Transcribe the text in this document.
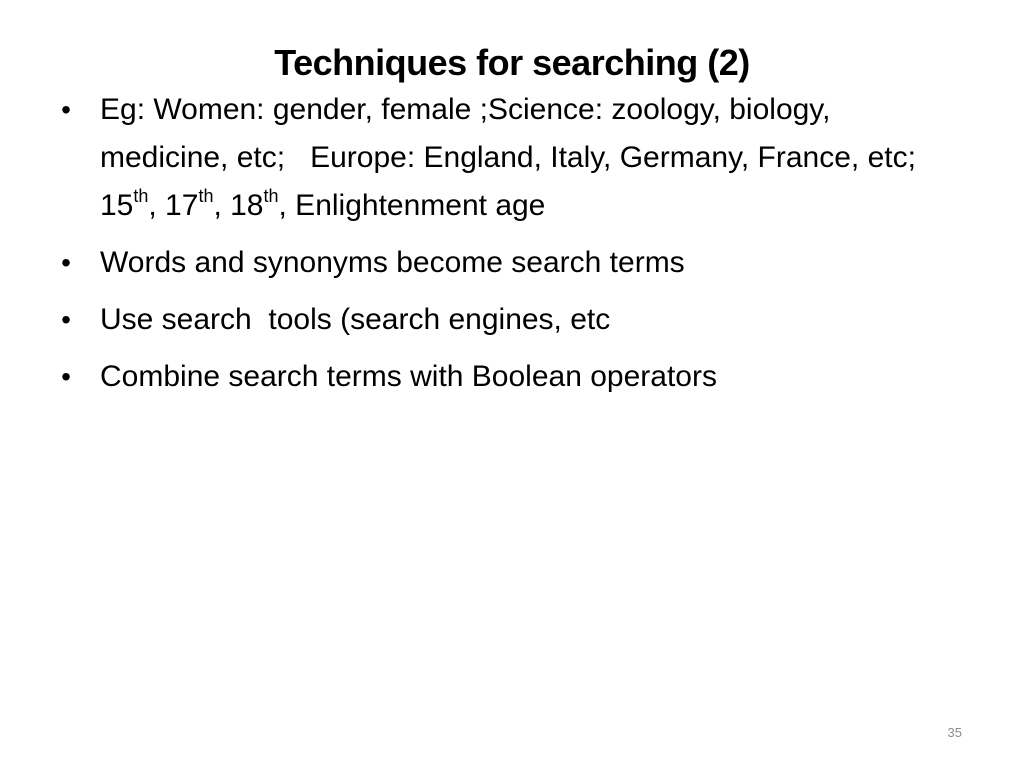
Techniques for searching (2)
• Eg: Women: gender, female ;Science: zoology, biology, medicine, etc;   Europe: England, Italy, Germany, France, etc; 15th, 17th, 18th, Enlightenment age
• Words and synonyms become search terms
• Use search  tools (search engines, etc
• Combine search terms with Boolean operators
35
